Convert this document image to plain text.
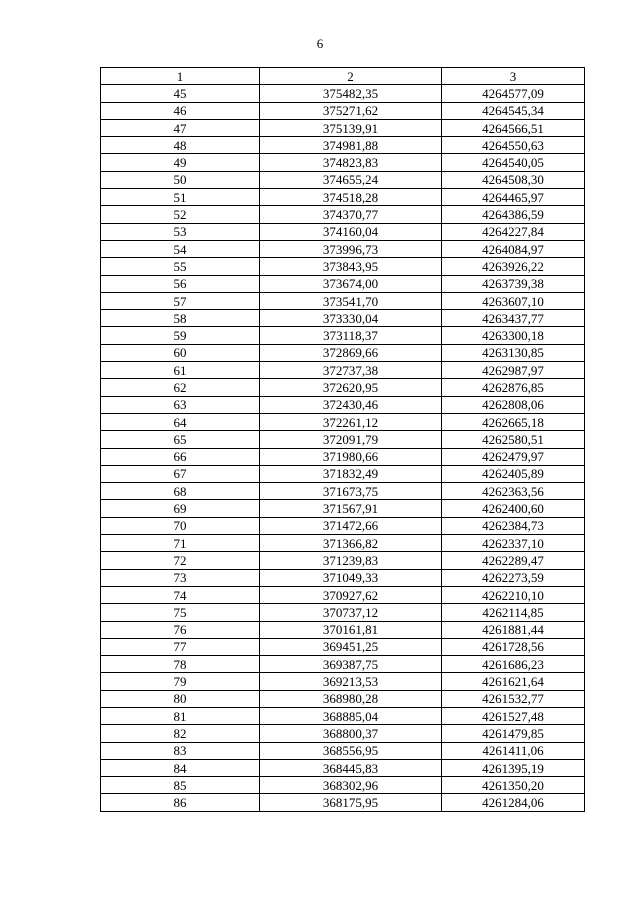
6
1	2	3
45	375482,35	4264577,09
46	375271,62	4264545,34
47	375139,91	4264566,51
48	374981,88	4264550,63
49	374823,83	4264540,05
50	374655,24	4264508,30
51	374518,28	4264465,97
52	374370,77	4264386,59
53	374160,04	4264227,84
54	373996,73	4264084,97
55	373843,95	4263926,22
56	373674,00	4263739,38
57	373541,70	4263607,10
58	373330,04	4263437,77
59	373118,37	4263300,18
60	372869,66	4263130,85
61	372737,38	4262987,97
62	372620,95	4262876,85
63	372430,46	4262808,06
64	372261,12	4262665,18
65	372091,79	4262580,51
66	371980,66	4262479,97
67	371832,49	4262405,89
68	371673,75	4262363,56
69	371567,91	4262400,60
70	371472,66	4262384,73
71	371366,82	4262337,10
72	371239,83	4262289,47
73	371049,33	4262273,59
74	370927,62	4262210,10
75	370737,12	4262114,85
76	370161,81	4261881,44
77	369451,25	4261728,56
78	369387,75	4261686,23
79	369213,53	4261621,64
80	368980,28	4261532,77
81	368885,04	4261527,48
82	368800,37	4261479,85
83	368556,95	4261411,06
84	368445,83	4261395,19
85	368302,96	4261350,20
86	368175,95	4261284,06
